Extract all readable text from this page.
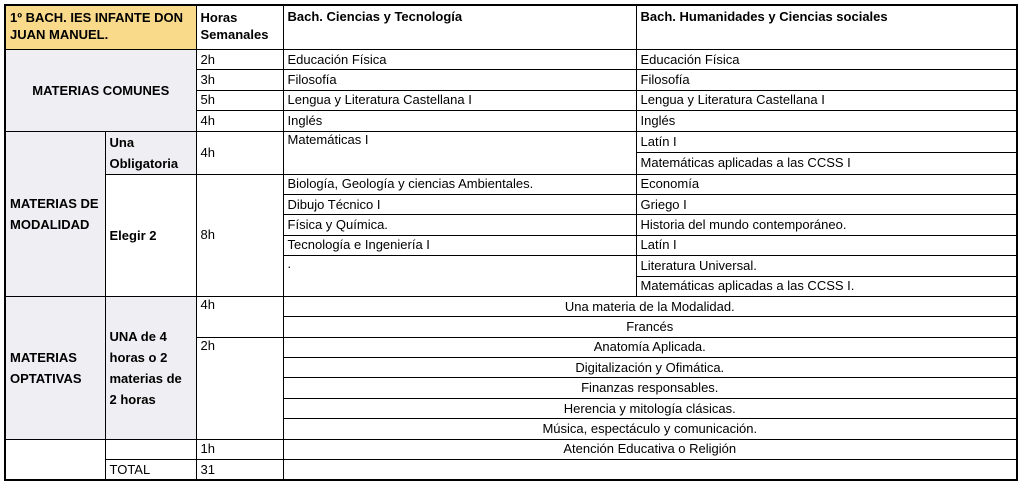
1º BACH. IES INFANTE DON JUAN MANUEL.		Horas Semanales	Bach. Ciencias y Tecnología	Bach. Humanidades y Ciencias sociales
MATERIAS COMUNES		2h	Educación Física	Educación Física
		3h	Filosofía	Filosofía
		5h	Lengua y Literatura Castellana I	Lengua y Literatura Castellana I
		4h	Inglés	Inglés
MATERIAS DE MODALIDAD	Una Obligatoria	4h	Matemáticas I	Latín I
				Matemáticas aplicadas a las CCSS I
	Elegir 2	8h	Biología, Geología y ciencias Ambientales.	Economía
			Dibujo Técnico I	Griego I
			Física y Química.	Historia del mundo contemporáneo.
			Tecnología e Ingeniería I	Latín I
			.	Literatura Universal.
				Matemáticas aplicadas a las CCSS I.
MATERIAS OPTATIVAS	UNA de 4 horas o 2 materias de 2 horas	4h	Una materia de la Modalidad.	
			Francés	
		2h	Anatomía Aplicada.	
			Digitalización y Ofimática.	
			Finanzas responsables.	
			Herencia y mitología clásicas.	
			Música, espectáculo y comunicación.	
		1h	Atención Educativa o Religión	
	TOTAL	31		
